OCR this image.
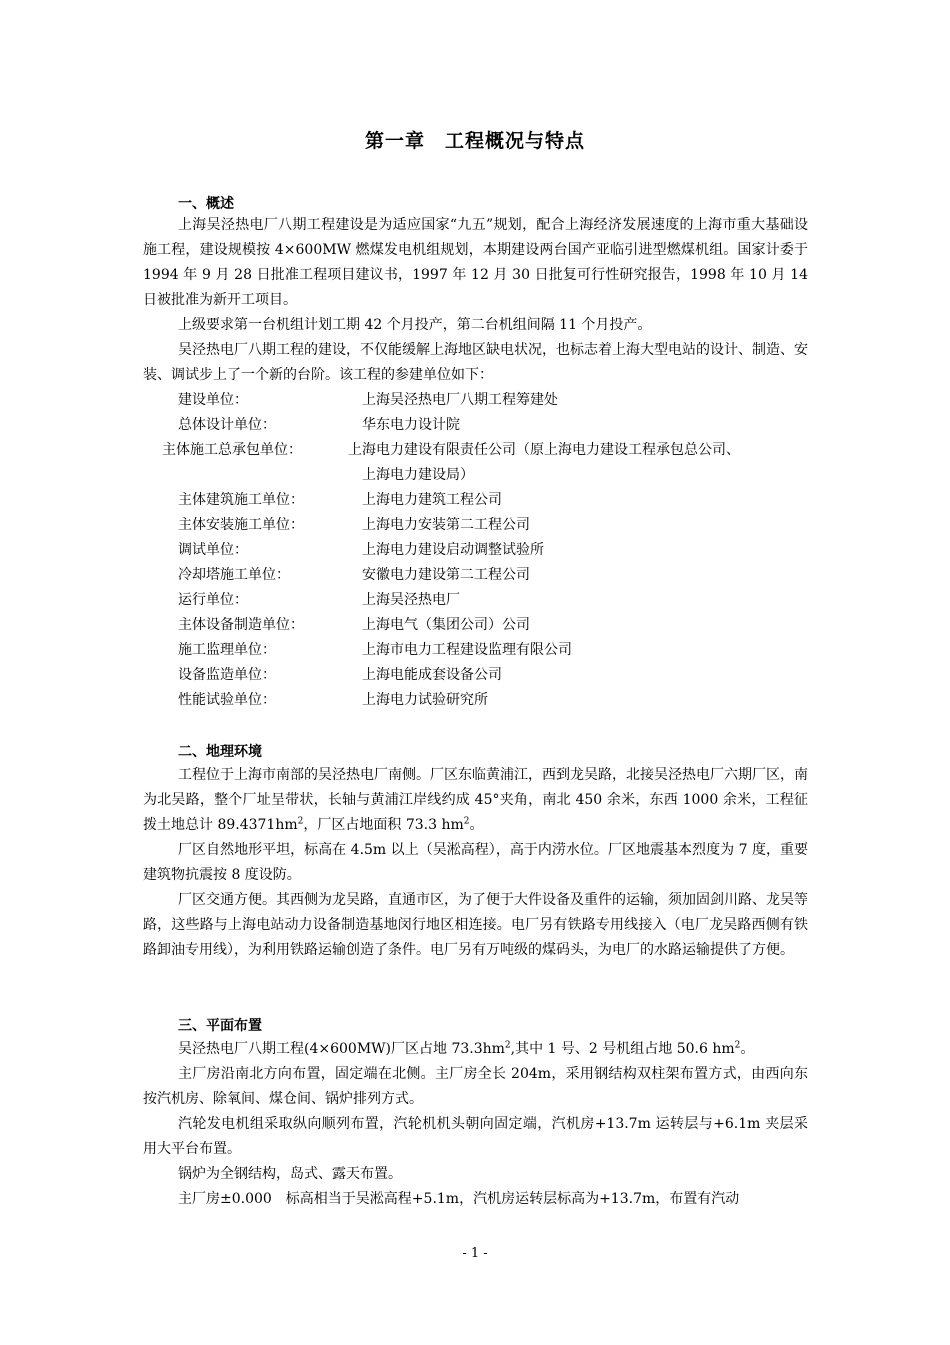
第一章　工程概况与特点
一、概述

上海吴泾热电厂八期工程建设是为适应国家“九五”规划，配合上海经济发展速度的上海市重大基础设施工程，建设规模按 4×600MW 燃煤发电机组规划，本期建设两台国产亚临引进型燃煤机组。国家计委于 1994 年 9 月 28 日批准工程项目建议书，1997 年 12 月 30 日批复可行性研究报告，1998 年 10 月 14 日被批准为新开工项目。

上级要求第一台机组计划工期 42 个月投产，第二台机组间隔 11 个月投产。

吴泾热电厂八期工程的建设，不仅能缓解上海地区缺电状况，也标志着上海大型电站的设计、制造、安装、调试步上了一个新的台阶。该工程的参建单位如下：

建设单位：	上海吴泾热电厂八期工程筹建处
总体设计单位：	华东电力设计院
主体施工总承包单位：	上海电力建设有限责任公司（原上海电力建设工程承包总公司、
上海电力建设局）
主体建筑施工单位：	上海电力建筑工程公司
主体安装施工单位：	上海电力安装第二工程公司
调试单位：	上海电力建设启动调整试验所
冷却塔施工单位：	安徽电力建设第二工程公司
运行单位：	上海吴泾热电厂
主体设备制造单位：	上海电气（集团公司）公司
施工监理单位：	上海市电力工程建设监理有限公司
设备监造单位：	上海电能成套设备公司
性能试验单位：	上海电力试验研究所
二、地理环境

工程位于上海市南部的吴泾热电厂南侧。厂区东临黄浦江，西到龙吴路，北接吴泾热电厂六期厂区，南为北吴路，整个厂址呈带状，长轴与黄浦江岸线约成 45°夹角，南北 450 余米，东西 1000 余米，工程征拨土地总计 $89.4371hm^2$，厂区占地面积 73.3 $hm^2$。

厂区自然地形平坦，标高在 4.5m 以上（吴淞高程），高于内涝水位。厂区地震基本烈度为 7 度，重要建筑物抗震按 8 度设防。

厂区交通方便。其西侧为龙吴路，直通市区，为了便于大件设备及重件的运输，须加固剑川路、龙吴等路，这些路与上海电站动力设备制造基地闵行地区相连接。电厂另有铁路专用线接入（电厂龙吴路西侧有铁路卸油专用线），为利用铁路运输创造了条件。电厂另有万吨级的煤码头，为电厂的水路运输提供了方便。

三、平面布置

吴泾热电厂八期工程(4×600MW)厂区占地 $73.3hm^2$,其中 1 号、2 号机组占地 50.6 $hm^2$。

主厂房沿南北方向布置，固定端在北侧。主厂房全长 204m，采用钢结构双柱架布置方式，由西向东按汽机房、除氧间、煤仓间、锅炉排列方式。

汽轮发电机组采取纵向顺列布置，汽轮机机头朝向固定端，汽机房+13.7m 运转层与+6.1m 夹层采用大平台布置。

锅炉为全钢结构，岛式、露天布置。

主厂房±0.000　标高相当于吴淞高程+5.1m，汽机房运转层标高为+13.7m，布置有汽动

- 1 -
